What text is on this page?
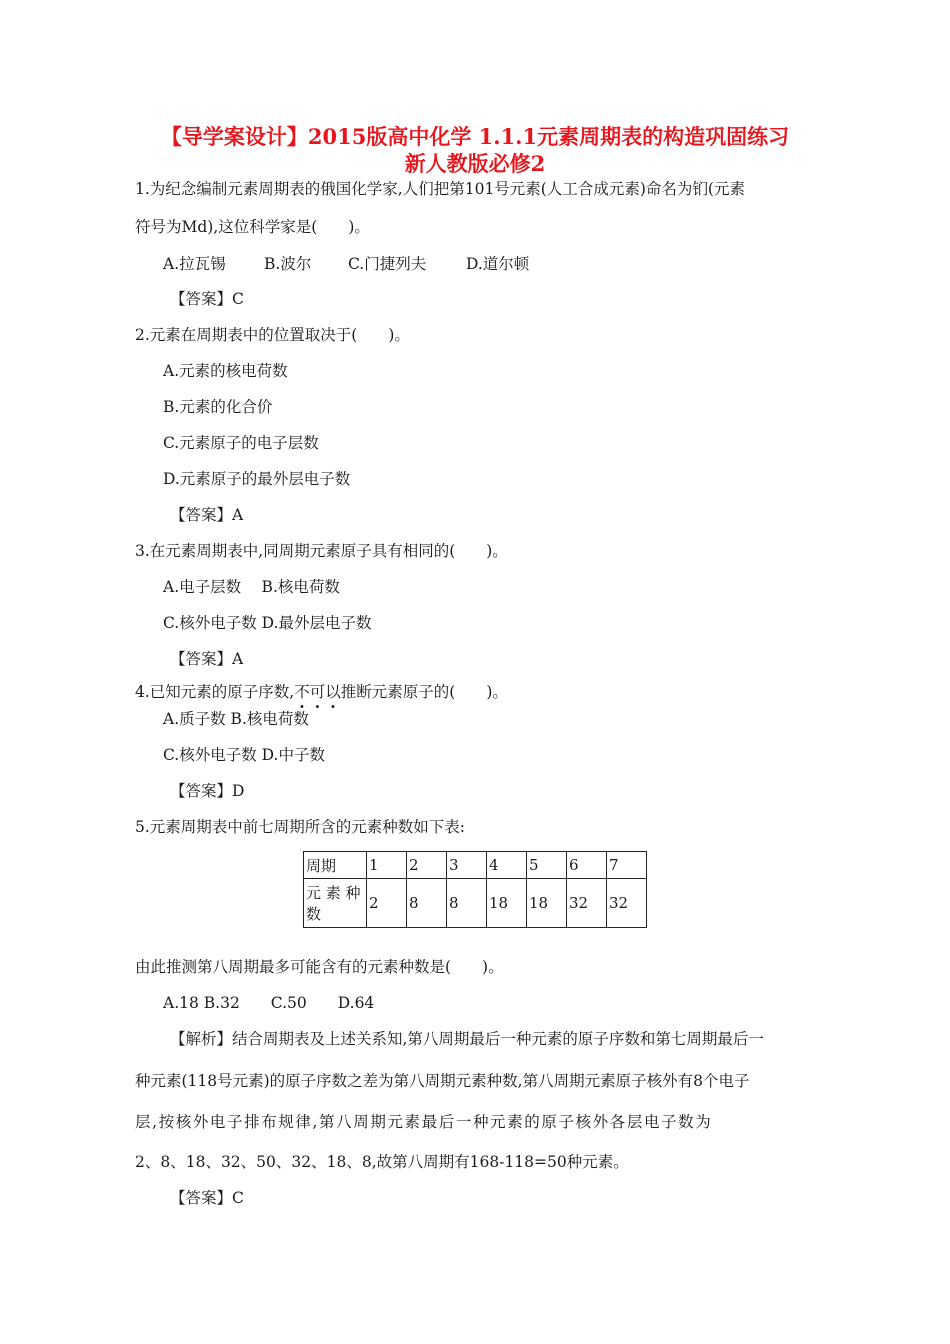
【导学案设计】2015版高中化学 1.1.1元素周期表的构造巩固练习
新人教版必修2
1.为纪念编制元素周期表的俄国化学家,人们把第101号元素(人工合成元素)命名为钔(元素
符号为Md),这位科学家是(　　)。
A.拉瓦锡 B.波尔 C.门捷列夫	D.道尔顿
【答案】C
2.元素在周期表中的位置取决于(　　)。
A.元素的核电荷数
B.元素的化合价
C.元素原子的电子层数
D.元素原子的最外层电子数
【答案】A
3.在元素周期表中,同周期元素原子具有相同的(　　)。
A.电子层数　 B.核电荷数
C.核外电子数 D.最外层电子数
【答案】A
4.已知元素的原子序数,不可以推断元素原子的(　　)。
A.质子数 B.核电荷数
C.核外电子数 D.中子数
【答案】D
5.元素周期表中前七周期所含的元素种数如下表:
周期	1	2	3	4	5	6	7

元 素 种
数	2	8	8	18	18	32	32
由此推测第八周期最多可能含有的元素种数是(　　)。
A.18 B.32　　C.50　　D.64
【解析】结合周期表及上述关系知,第八周期最后一种元素的原子序数和第七周期最后一
种元素(118号元素)的原子序数之差为第八周期元素种数,第八周期元素原子核外有8个电子
层,按核外电子排布规律,第八周期元素最后一种元素的原子核外各层电子数为
2、8、18、32、50、32、18、8,故第八周期有168-118=50种元素。
【答案】C
